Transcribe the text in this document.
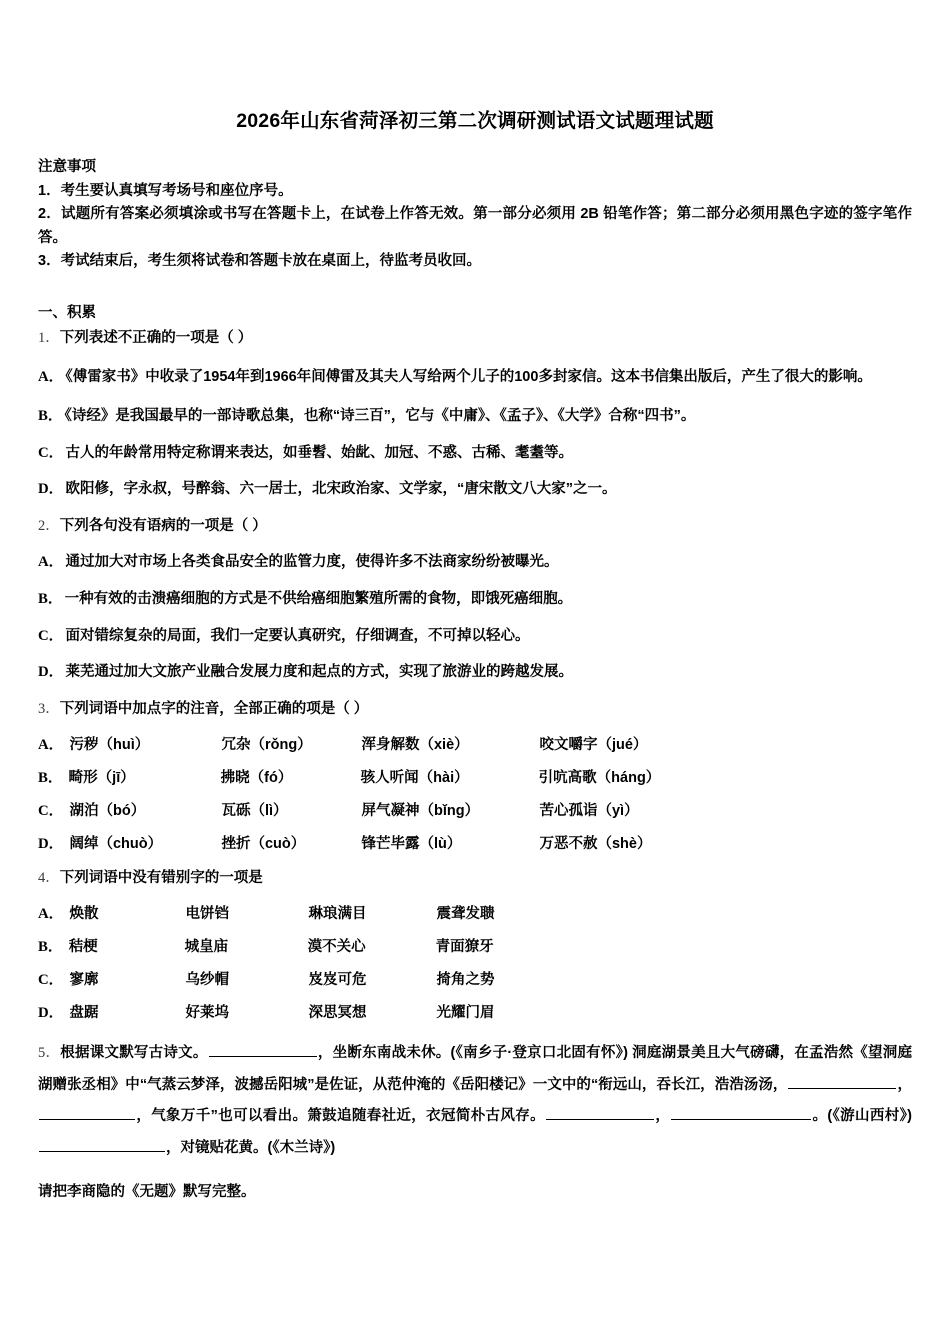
2026年山东省菏泽初三第二次调研测试语文试题理试题
注意事项
1．考生要认真填写考场号和座位序号。
2．试题所有答案必须填涂或书写在答题卡上，在试卷上作答无效。第一部分必须用 2B 铅笔作答；第二部分必须用黑色字迹的签字笔作答。
3．考试结束后，考生须将试卷和答题卡放在桌面上，待监考员收回。
一、积累
1．下列表述不正确的一项是（ ）
A． 《傅雷家书》中收录了1954年到1966年间傅雷及其夫人写给两个儿子的100多封家信。这本书信集出版后，产生了很大的影响。
B． 《诗经》是我国最早的一部诗歌总集，也称“诗三百”，它与《中庸》、《孟子》、《大学》合称“四书”。
C． 古人的年龄常用特定称谓来表达，如垂髫、始龀、加冠、不惑、古稀、耄耋等。
D． 欧阳修，字永叔，号醉翁、六一居士，北宋政治家、文学家，“唐宋散文八大家”之一。
2．下列各句没有语病的一项是（ ）
A． 通过加大对市场上各类食品安全的监管力度，使得许多不法商家纷纷被曝光。
B． 一种有效的击溃癌细胞的方式是不供给癌细胞繁殖所需的食物，即饿死癌细胞。
C． 面对错综复杂的局面，我们一定要认真研究，仔细调查，不可掉以轻心。
D． 莱芜通过加大文旅产业融合发展力度和起点的方式，实现了旅游业的跨越发展。
3．下列词语中加点字的注音，全部正确的项是（ ）
A． 污秽（huì）	冗杂（rǒng）	浑身解数（xiè）	咬文嚼字（jué）
B． 畸形（jī）	拂晓（fó）	骇人听闻（hài）	引吭高歌（háng）
C． 湖泊（bó）	瓦砾（lì）	屏气凝神（bǐng）	苦心孤诣（yì）
D． 阔绰（chuò）	挫折（cuò）	锋芒毕露（lù）	万恶不赦（shè）
4．下列词语中没有错别字的一项是
A． 焕散	电饼铛	琳琅满目	震聋发聩
B． 秸梗	城皇庙	漠不关心	青面獠牙
C． 寥廓	乌纱帽	岌岌可危	掎角之势
D． 盘踞	好莱坞	深思冥想	光耀门眉
5．根据课文默写古诗文。	，坐断东南战未休。(《南乡子·登京口北固有怀》) 洞庭湖景美且大气磅礴，在孟浩然《望洞庭湖赠张丞相》中“气蒸云梦泽，波撼岳阳城”是佐证，从范仲淹的《岳阳楼记》一文中的“衔远山，吞长江，浩浩汤汤，	，，气象万千”也可以看出。箫鼓追随春社近，衣冠简朴古风存。	，	。(《游山西村》)，对镜贴花黄。(《木兰诗》)
请把李商隐的《无题》默写完整。
